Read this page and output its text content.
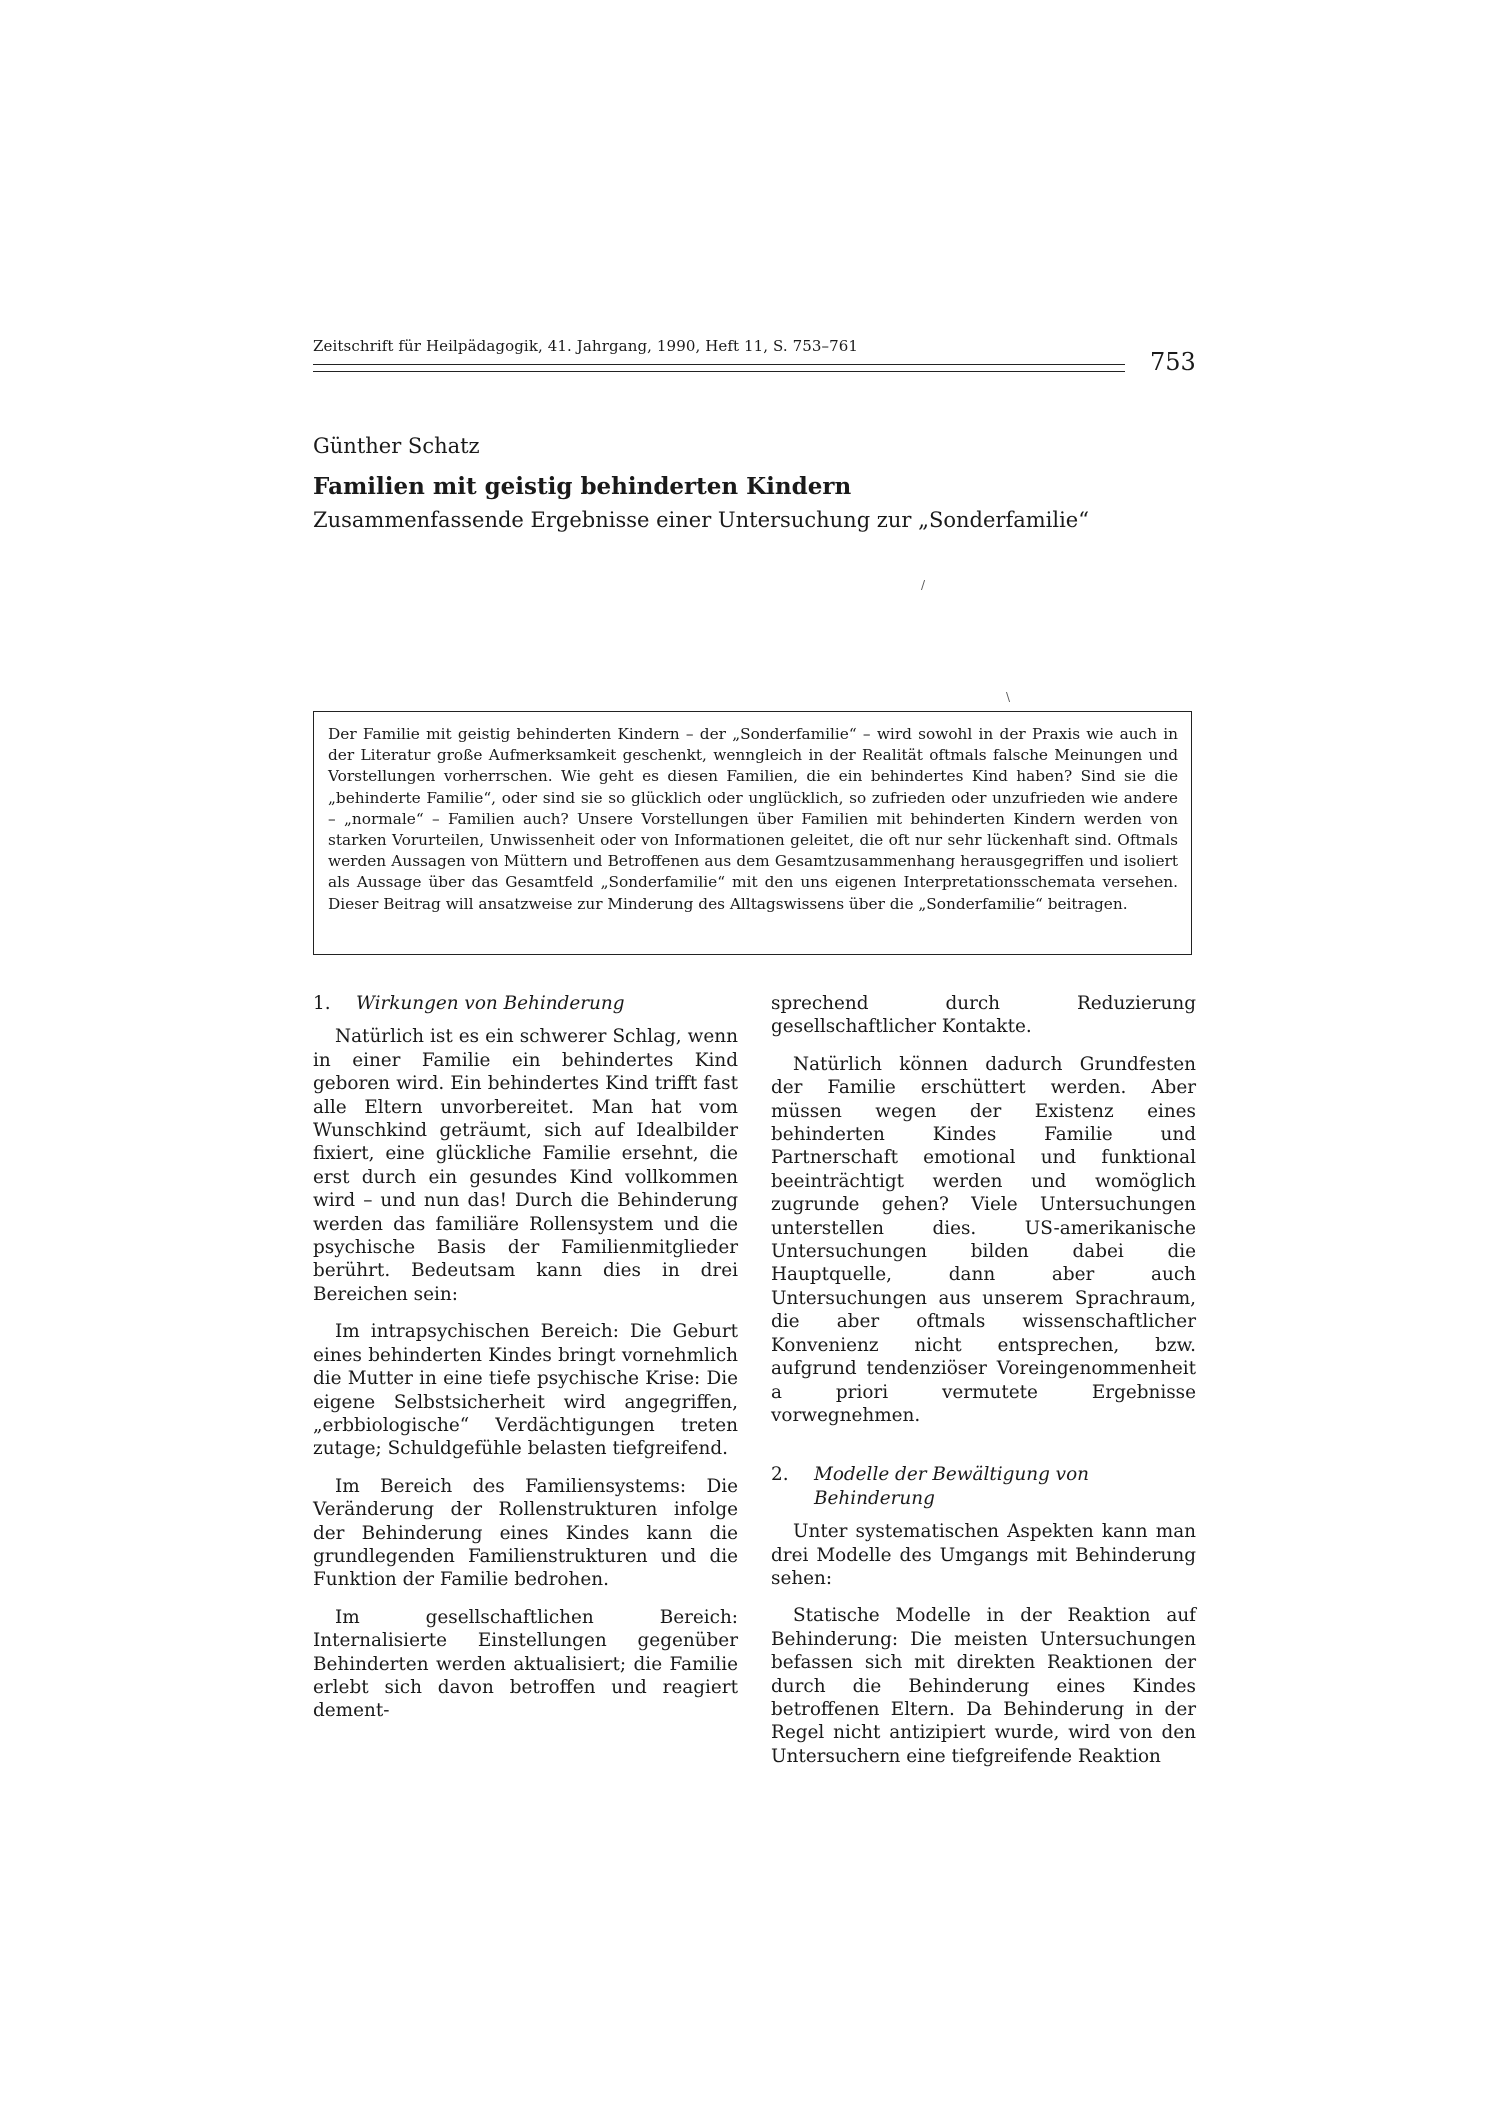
Zeitschrift für Heilpädagogik, 41. Jahrgang, 1990, Heft 11, S. 753–761
753
Günther Schatz
Familien mit geistig behinderten Kindern
Zusammenfassende Ergebnisse einer Untersuchung zur „Sonderfamilie“
/
\
Der Familie mit geistig behinderten Kindern – der „Sonderfamilie“ – wird sowohl in der Praxis wie auch in der Literatur große Aufmerksamkeit geschenkt, wenngleich in der Realität oftmals falsche Meinungen und Vorstellungen vorherrschen. Wie geht es diesen Familien, die ein behindertes Kind haben? Sind sie die „behinderte Familie“, oder sind sie so glücklich oder unglücklich, so zufrieden oder unzufrieden wie andere – „normale“ – Familien auch? Unsere Vorstellungen über Familien mit behinderten Kindern werden von starken Vorurteilen, Unwissenheit oder von Informationen geleitet, die oft nur sehr lückenhaft sind. Oftmals werden Aussagen von Müttern und Betroffenen aus dem Gesamtzusammenhang herausgegriffen und isoliert als Aussage über das Gesamtfeld „Sonderfamilie“ mit den uns eigenen Interpretationsschemata versehen. Dieser Beitrag will ansatzweise zur Minderung des Alltagswissens über die „Sonderfamilie“ beitragen.
1. Wirkungen von Behinderung

Natürlich ist es ein schwerer Schlag, wenn in einer Familie ein behindertes Kind geboren wird. Ein behindertes Kind trifft fast alle Eltern unvorbereitet. Man hat vom Wunschkind geträumt, sich auf Idealbilder fixiert, eine glückliche Familie ersehnt, die erst durch ein gesundes Kind vollkommen wird – und nun das! Durch die Behinderung werden das familiäre Rollensystem und die psychische Basis der Familienmitglieder berührt. Bedeutsam kann dies in drei Bereichen sein:

Im intrapsychischen Bereich: Die Geburt eines behinderten Kindes bringt vornehmlich die Mutter in eine tiefe psychische Krise: Die eigene Selbstsicherheit wird angegriffen, „erbbiologische“ Verdächtigungen treten zutage; Schuldgefühle belasten tiefgreifend.

Im Bereich des Familiensystems: Die Veränderung der Rollenstrukturen infolge der Behinderung eines Kindes kann die grundlegenden Familienstrukturen und die Funktion der Familie bedrohen.

Im gesellschaftlichen Bereich: Internalisierte Einstellungen gegenüber Behinderten werden aktualisiert; die Familie erlebt sich davon betroffen und reagiert dement-

sprechend durch Reduzierung gesellschaftlicher Kontakte.

Natürlich können dadurch Grundfesten der Familie erschüttert werden. Aber müssen wegen der Existenz eines behinderten Kindes Familie und Partnerschaft emotional und funktional beeinträchtigt werden und womöglich zugrunde gehen? Viele Untersuchungen unterstellen dies. US-amerikanische Untersuchungen bilden dabei die Hauptquelle, dann aber auch Untersuchungen aus unserem Sprachraum, die aber oftmals wissenschaftlicher Konvenienz nicht entsprechen, bzw. aufgrund tendenziöser Voreingenommenheit a priori vermutete Ergebnisse vorwegnehmen.

2. Modelle der Bewältigung von Behinderung

Unter systematischen Aspekten kann man drei Modelle des Umgangs mit Behinderung sehen:

Statische Modelle in der Reaktion auf Behinderung: Die meisten Untersuchungen befassen sich mit direkten Reaktionen der durch die Behinderung eines Kindes betroffenen Eltern. Da Behinderung in der Regel nicht antizipiert wurde, wird von den Untersuchern eine tiefgreifende Reaktion
